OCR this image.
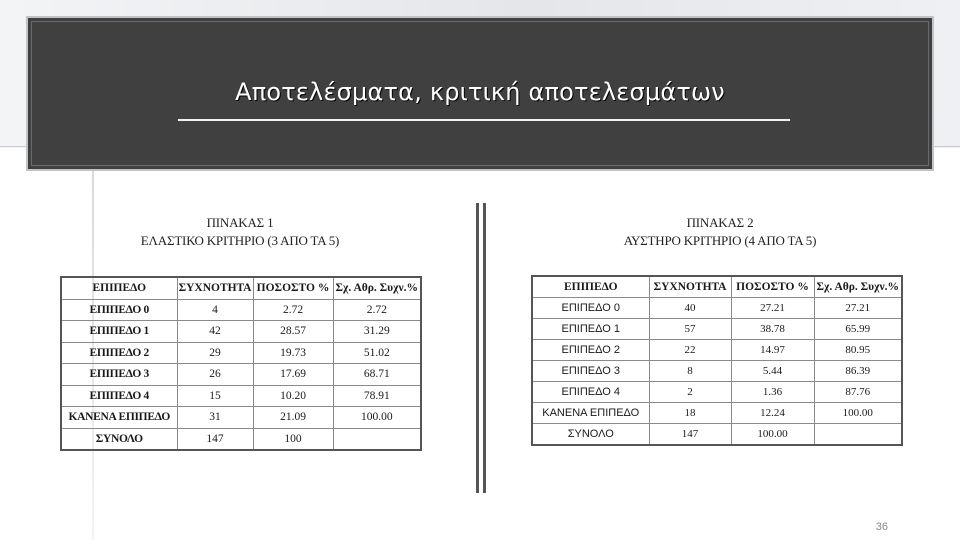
Αποτελέσματα, κριτική αποτελεσμάτων
ΠΙΝΑΚΑΣ 1
ΕΛΑΣΤΙΚΟ ΚΡΙΤΗΡΙΟ (3 ΑΠΟ ΤΑ 5)
ΕΠΙΠΕΔΟ	ΣΥΧΝΟΤΗΤΑ	ΠΟΣΟΣΤΟ %	Σχ. Αθρ. Συχν.%
ΕΠΙΠΕΔΟ 0	4	2.72	2.72
ΕΠΙΠΕΔΟ 1	42	28.57	31.29
ΕΠΙΠΕΔΟ 2	29	19.73	51.02
ΕΠΙΠΕΔΟ 3	26	17.69	68.71
ΕΠΙΠΕΔΟ 4	15	10.20	78.91
ΚΑΝΕΝΑ ΕΠΙΠΕΔΟ	31	21.09	100.00
ΣΥΝΟΛΟ	147	100	
ΠΙΝΑΚΑΣ 2
ΑΥΣΤΗΡΟ ΚΡΙΤΗΡΙΟ (4 ΑΠΟ ΤΑ 5)
ΕΠΙΠΕΔΟ	ΣΥΧΝΟΤΗΤΑ	ΠΟΣΟΣΤΟ %	Σχ. Αθρ. Συχν.%
ΕΠΙΠΕΔΟ 0	40	27.21	27.21
ΕΠΙΠΕΔΟ 1	57	38.78	65.99
ΕΠΙΠΕΔΟ 2	22	14.97	80.95
ΕΠΙΠΕΔΟ 3	8	5.44	86.39
ΕΠΙΠΕΔΟ 4	2	1.36	87.76
ΚΑΝΕΝΑ ΕΠΙΠΕΔΟ	18	12.24	100.00
ΣΥΝΟΛΟ	147	100.00	
36
